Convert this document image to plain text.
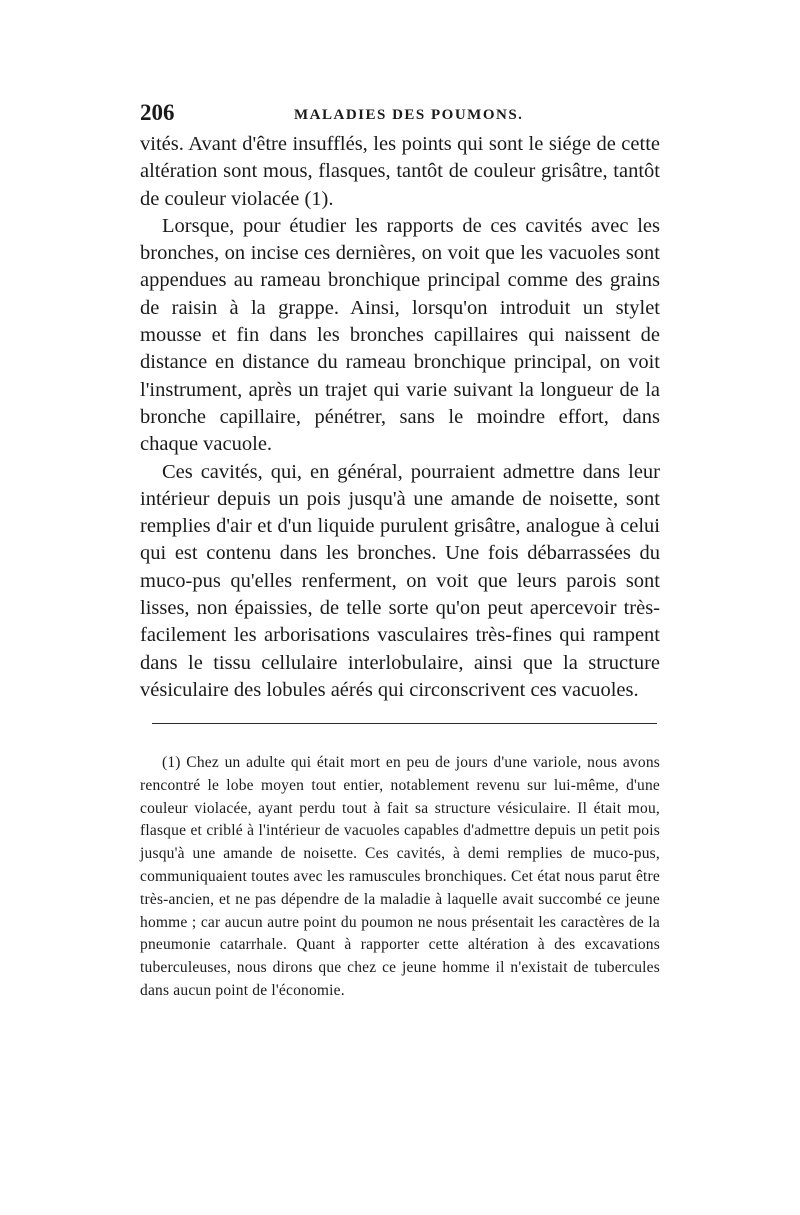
206	MALADIES DES POUMONS.

vités. Avant d'être insufflés, les points qui sont le siége de cette altération sont mous, flasques, tantôt de couleur grisâtre, tantôt de couleur violacée (1).

Lorsque, pour étudier les rapports de ces cavités avec les bronches, on incise ces dernières, on voit que les vacuoles sont appendues au rameau bronchique principal comme des grains de raisin à la grappe. Ainsi, lorsqu'on introduit un stylet mousse et fin dans les bronches capillaires qui naissent de distance en distance du rameau bronchique principal, on voit l'instrument, après un trajet qui varie suivant la longueur de la bronche capillaire, pénétrer, sans le moindre effort, dans chaque vacuole.

Ces cavités, qui, en général, pourraient admettre dans leur intérieur depuis un pois jusqu'à une amande de noisette, sont remplies d'air et d'un liquide purulent grisâtre, analogue à celui qui est contenu dans les bronches. Une fois débarrassées du muco-pus qu'elles renferment, on voit que leurs parois sont lisses, non épaissies, de telle sorte qu'on peut apercevoir très-facilement les arborisations vasculaires très-fines qui rampent dans le tissu cellulaire interlobulaire, ainsi que la structure vésiculaire des lobules aérés qui circonscrivent ces vacuoles.

(1) Chez un adulte qui était mort en peu de jours d'une variole, nous avons rencontré le lobe moyen tout entier, notablement revenu sur lui-même, d'une couleur violacée, ayant perdu tout à fait sa structure vésiculaire. Il était mou, flasque et criblé à l'intérieur de vacuoles capables d'admettre depuis un petit pois jusqu'à une amande de noisette. Ces cavités, à demi remplies de muco-pus, communiquaient toutes avec les ramuscules bronchiques. Cet état nous parut être très-ancien, et ne pas dépendre de la maladie à laquelle avait succombé ce jeune homme ; car aucun autre point du poumon ne nous présentait les caractères de la pneumonie catarrhale. Quant à rapporter cette altération à des excavations tuberculeuses, nous dirons que chez ce jeune homme il n'existait de tubercules dans aucun point de l'économie.
